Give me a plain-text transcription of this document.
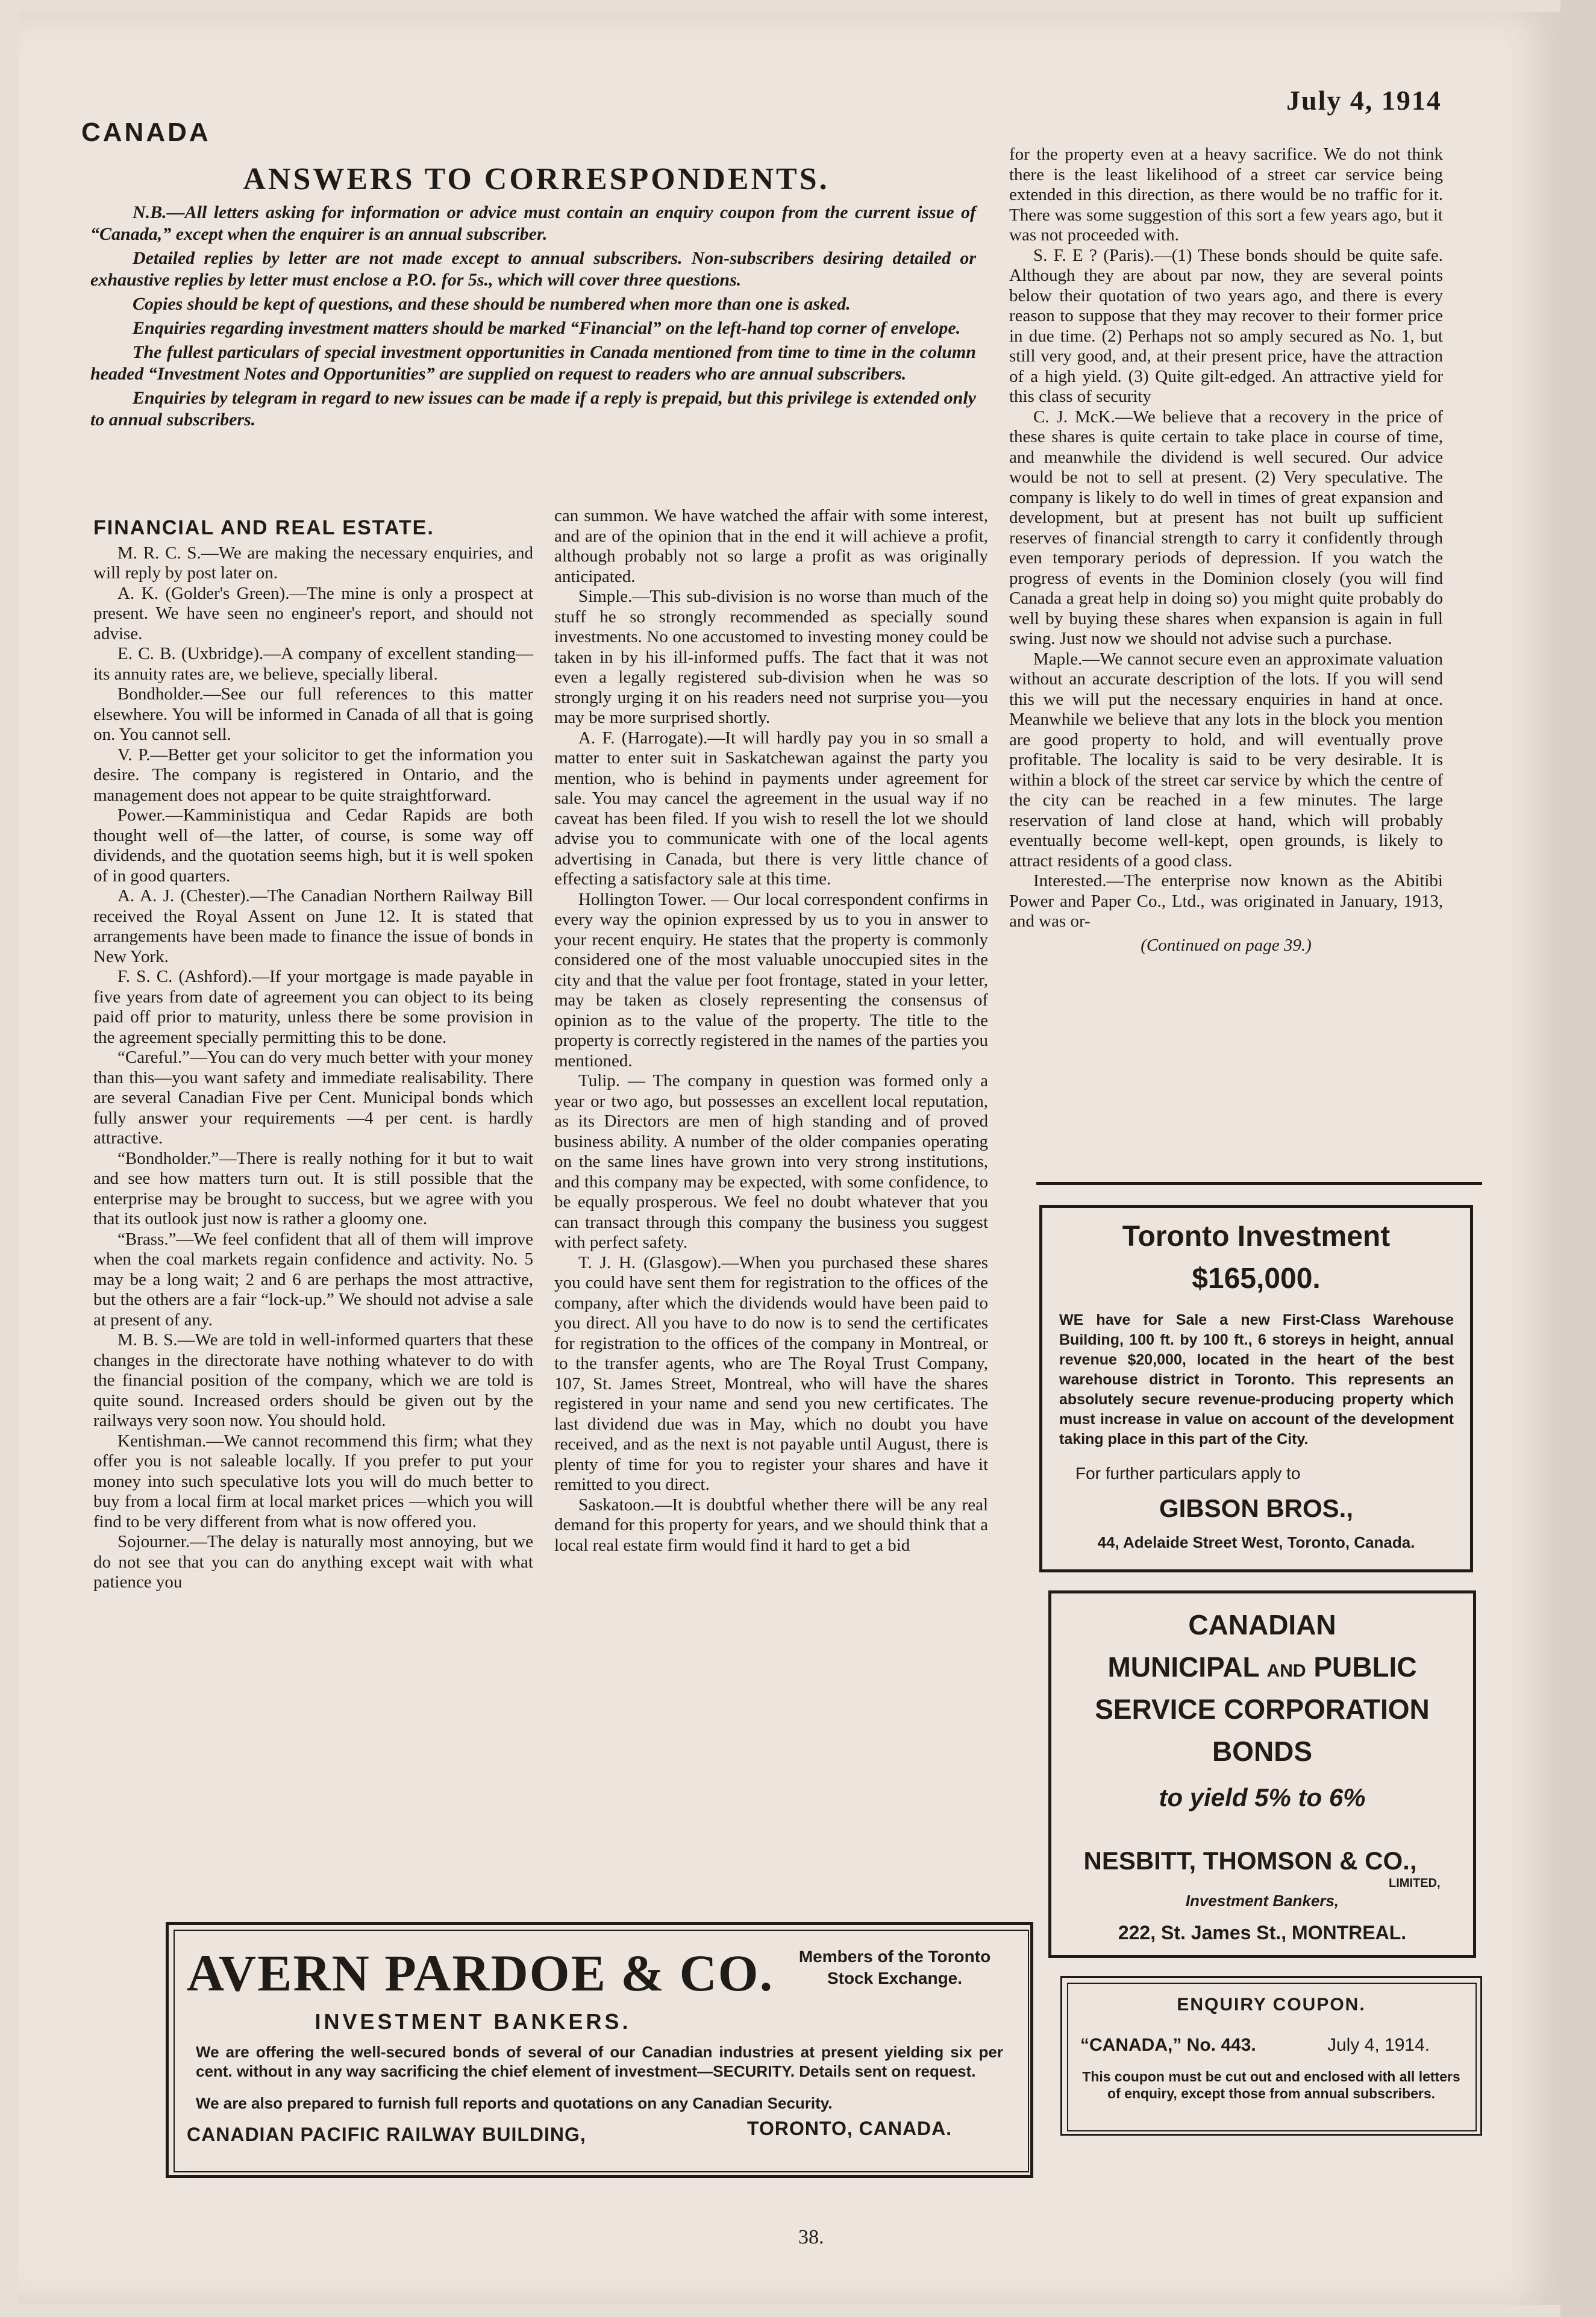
CANADA
July 4, 1914
ANSWERS TO CORRESPONDENTS.

N.B.—All letters asking for information or advice must contain an enquiry coupon from the current issue of “Canada,” except when the enquirer is an annual subscriber.

Detailed replies by letter are not made except to annual subscribers. Non-subscribers desiring detailed or exhaustive replies by letter must enclose a P.O. for 5s., which will cover three questions.

Copies should be kept of questions, and these should be numbered when more than one is asked.

Enquiries regarding investment matters should be marked “Financial” on the left-hand top corner of envelope.

The fullest particulars of special investment opportunities in Canada mentioned from time to time in the column headed “Investment Notes and Opportunities” are supplied on request to readers who are annual subscribers.

Enquiries by telegram in regard to new issues can be made if a reply is prepaid, but this privilege is extended only to annual subscribers.

FINANCIAL AND REAL ESTATE.

M. R. C. S.—We are making the necessary enquiries, and will reply by post later on.

A. K. (Golder's Green).—The mine is only a prospect at present. We have seen no engineer's report, and should not advise.

E. C. B. (Uxbridge).—A company of excellent standing—its annuity rates are, we believe, specially liberal.

Bondholder.—See our full references to this matter elsewhere. You will be informed in Canada of all that is going on. You cannot sell.

V. P.—Better get your solicitor to get the information you desire. The company is registered in Ontario, and the management does not appear to be quite straightforward.

Power.—Kamministiqua and Cedar Rapids are both thought well of—the latter, of course, is some way off dividends, and the quotation seems high, but it is well spoken of in good quarters.

A. A. J. (Chester).—The Canadian Northern Railway Bill received the Royal Assent on June 12. It is stated that arrangements have been made to finance the issue of bonds in New York.

F. S. C. (Ashford).—If your mortgage is made payable in five years from date of agreement you can object to its being paid off prior to maturity, unless there be some provision in the agreement specially permitting this to be done.

“Careful.”—You can do very much better with your money than this—you want safety and immediate realisability. There are several Canadian Five per Cent. Municipal bonds which fully answer your requirements —4 per cent. is hardly attractive.

“Bondholder.”—There is really nothing for it but to wait and see how matters turn out. It is still possible that the enterprise may be brought to success, but we agree with you that its outlook just now is rather a gloomy one.

“Brass.”—We feel confident that all of them will improve when the coal markets regain confidence and activity. No. 5 may be a long wait; 2 and 6 are perhaps the most attractive, but the others are a fair “lock-up.” We should not advise a sale at present of any.

M. B. S.—We are told in well-informed quarters that these changes in the directorate have nothing whatever to do with the financial position of the company, which we are told is quite sound. Increased orders should be given out by the railways very soon now. You should hold.

Kentishman.—We cannot recommend this firm; what they offer you is not saleable locally. If you prefer to put your money into such speculative lots you will do much better to buy from a local firm at local market prices —which you will find to be very different from what is now offered you.

Sojourner.—The delay is naturally most annoying, but we do not see that you can do anything except wait with what patience you

can summon. We have watched the affair with some interest, and are of the opinion that in the end it will achieve a profit, although probably not so large a profit as was originally anticipated.

Simple.—This sub-division is no worse than much of the stuff he so strongly recommended as specially sound investments. No one accustomed to investing money could be taken in by his ill-informed puffs. The fact that it was not even a legally registered sub-division when he was so strongly urging it on his readers need not surprise you—you may be more surprised shortly.

A. F. (Harrogate).—It will hardly pay you in so small a matter to enter suit in Saskatchewan against the party you mention, who is behind in payments under agreement for sale. You may cancel the agreement in the usual way if no caveat has been filed. If you wish to resell the lot we should advise you to communicate with one of the local agents advertising in Canada, but there is very little chance of effecting a satisfactory sale at this time.

Hollington Tower. — Our local correspondent confirms in every way the opinion expressed by us to you in answer to your recent enquiry. He states that the property is commonly considered one of the most valuable unoccupied sites in the city and that the value per foot frontage, stated in your letter, may be taken as closely representing the consensus of opinion as to the value of the property. The title to the property is correctly registered in the names of the parties you mentioned.

Tulip. — The company in question was formed only a year or two ago, but possesses an excellent local reputation, as its Directors are men of high standing and of proved business ability. A number of the older companies operating on the same lines have grown into very strong institutions, and this company may be expected, with some confidence, to be equally prosperous. We feel no doubt whatever that you can transact through this company the business you suggest with perfect safety.

T. J. H. (Glasgow).—When you purchased these shares you could have sent them for registration to the offices of the company, after which the dividends would have been paid to you direct. All you have to do now is to send the certificates for registration to the offices of the company in Montreal, or to the transfer agents, who are The Royal Trust Company, 107, St. James Street, Montreal, who will have the shares registered in your name and send you new certificates. The last dividend due was in May, which no doubt you have received, and as the next is not payable until August, there is plenty of time for you to register your shares and have it remitted to you direct.

Saskatoon.—It is doubtful whether there will be any real demand for this property for years, and we should think that a local real estate firm would find it hard to get a bid

for the property even at a heavy sacrifice. We do not think there is the least likelihood of a street car service being extended in this direction, as there would be no traffic for it. There was some suggestion of this sort a few years ago, but it was not proceeded with.

S. F. E ? (Paris).—(1) These bonds should be quite safe. Although they are about par now, they are several points below their quotation of two years ago, and there is every reason to suppose that they may recover to their former price in due time. (2) Perhaps not so amply secured as No. 1, but still very good, and, at their present price, have the attraction of a high yield. (3) Quite gilt-edged. An attractive yield for this class of security

C. J. McK.—We believe that a recovery in the price of these shares is quite certain to take place in course of time, and meanwhile the dividend is well secured. Our advice would be not to sell at present. (2) Very speculative. The company is likely to do well in times of great expansion and development, but at present has not built up sufficient reserves of financial strength to carry it confidently through even temporary periods of depression. If you watch the progress of events in the Dominion closely (you will find Canada a great help in doing so) you might quite probably do well by buying these shares when expansion is again in full swing. Just now we should not advise such a purchase.

Maple.—We cannot secure even an approximate valuation without an accurate description of the lots. If you will send this we will put the necessary enquiries in hand at once. Meanwhile we believe that any lots in the block you mention are good property to hold, and will eventually prove profitable. The locality is said to be very desirable. It is within a block of the street car service by which the centre of the city can be reached in a few minutes. The large reservation of land close at hand, which will probably eventually become well-kept, open grounds, is likely to attract residents of a good class.

Interested.—The enterprise now known as the Abitibi Power and Paper Co., Ltd., was originated in January, 1913, and was or-

(Continued on page 39.)
Toronto Investment
$165,000.
WE have for Sale a new First-Class Warehouse Building, 100 ft. by 100 ft., 6 storeys in height, annual revenue $20,000, located in the heart of the best warehouse district in Toronto. This represents an absolutely secure revenue-producing property which must increase in value on account of the development taking place in this part of the City.
For further particulars apply to
GIBSON BROS.,
44, Adelaide Street West, Toronto, Canada.
CANADIAN
MUNICIPAL AND PUBLIC
SERVICE CORPORATION
BONDS
to yield 5% to 6%
NESBITT, THOMSON & CO.,
LIMITED,
Investment Bankers,
222, St. James St., MONTREAL.
ENQUIRY COUPON.
“CANADA,” No. 443.	July 4, 1914.
This coupon must be cut out and enclosed with all letters of enquiry, except those from annual subscribers.
AVERN PARDOE & CO.	Members of the Toronto Stock Exchange.
INVESTMENT BANKERS.
We are offering the well-secured bonds of several of our Canadian industries at present yielding six per cent. without in any way sacrificing the chief element of investment—SECURITY. Details sent on request.
We are also prepared to furnish full reports and quotations on any Canadian Security.
CANADIAN PACIFIC RAILWAY BUILDING,	TORONTO, CANADA.
38.
